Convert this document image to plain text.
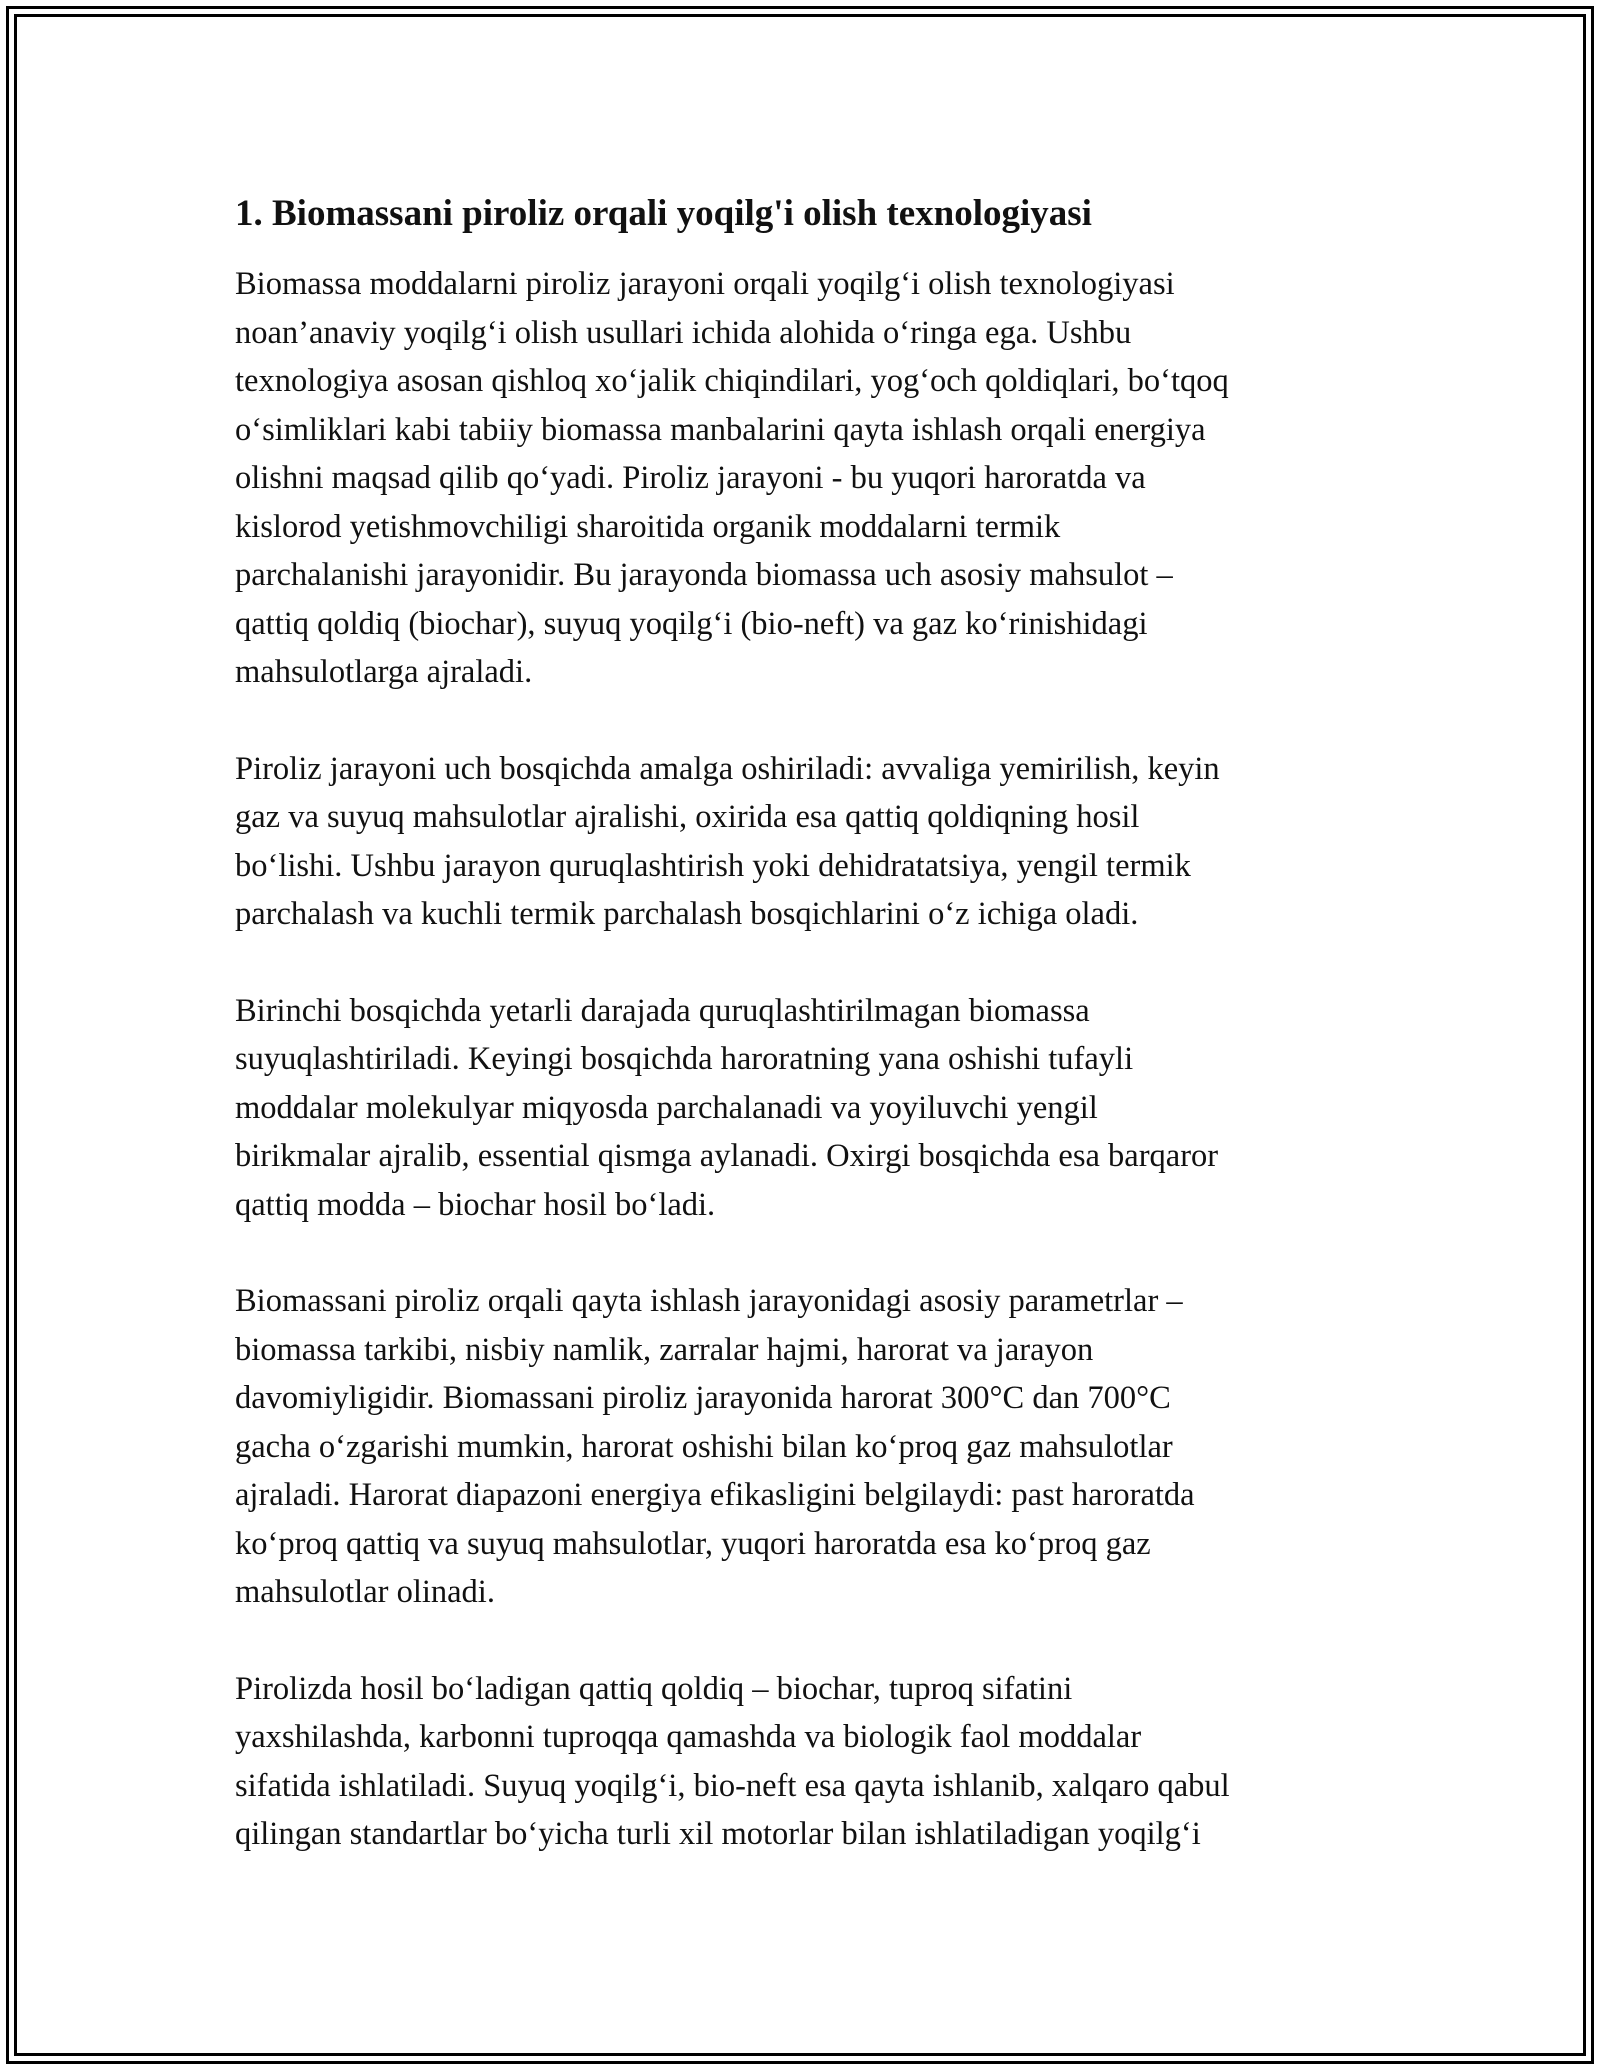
1. Biomassani piroliz orqali yoqilg'i olish texnologiyasi

Biomassa moddalarni piroliz jarayoni orqali yoqilg‘i olish texnologiyasi
noan’anaviy yoqilg‘i olish usullari ichida alohida o‘ringa ega. Ushbu
texnologiya asosan qishloq xo‘jalik chiqindilari, yog‘och qoldiqlari, bo‘tqoq
o‘simliklari kabi tabiiy biomassa manbalarini qayta ishlash orqali energiya
olishni maqsad qilib qo‘yadi. Piroliz jarayoni - bu yuqori haroratda va
kislorod yetishmovchiligi sharoitida organik moddalarni termik
parchalanishi jarayonidir. Bu jarayonda biomassa uch asosiy mahsulot –
qattiq qoldiq (biochar), suyuq yoqilg‘i (bio-neft) va gaz ko‘rinishidagi
mahsulotlarga ajraladi.

Piroliz jarayoni uch bosqichda amalga oshiriladi: avvaliga yemirilish, keyin
gaz va suyuq mahsulotlar ajralishi, oxirida esa qattiq qoldiqning hosil
bo‘lishi. Ushbu jarayon quruqlashtirish yoki dehidratatsiya, yengil termik
parchalash va kuchli termik parchalash bosqichlarini o‘z ichiga oladi.

Birinchi bosqichda yetarli darajada quruqlashtirilmagan biomassa
suyuqlashtiriladi. Keyingi bosqichda haroratning yana oshishi tufayli
moddalar molekulyar miqyosda parchalanadi va yoyiluvchi yengil
birikmalar ajralib, essential qismga aylanadi. Oxirgi bosqichda esa barqaror
qattiq modda – biochar hosil bo‘ladi.

Biomassani piroliz orqali qayta ishlash jarayonidagi asosiy parametrlar –
biomassa tarkibi, nisbiy namlik, zarralar hajmi, harorat va jarayon
davomiyligidir. Biomassani piroliz jarayonida harorat 300°C dan 700°C
gacha o‘zgarishi mumkin, harorat oshishi bilan ko‘proq gaz mahsulotlar
ajraladi. Harorat diapazoni energiya efikasligini belgilaydi: past haroratda
ko‘proq qattiq va suyuq mahsulotlar, yuqori haroratda esa ko‘proq gaz
mahsulotlar olinadi.

Pirolizda hosil bo‘ladigan qattiq qoldiq – biochar, tuproq sifatini
yaxshilashda, karbonni tuproqqa qamashda va biologik faol moddalar
sifatida ishlatiladi. Suyuq yoqilg‘i, bio-neft esa qayta ishlanib, xalqaro qabul
qilingan standartlar bo‘yicha turli xil motorlar bilan ishlatiladigan yoqilg‘i
